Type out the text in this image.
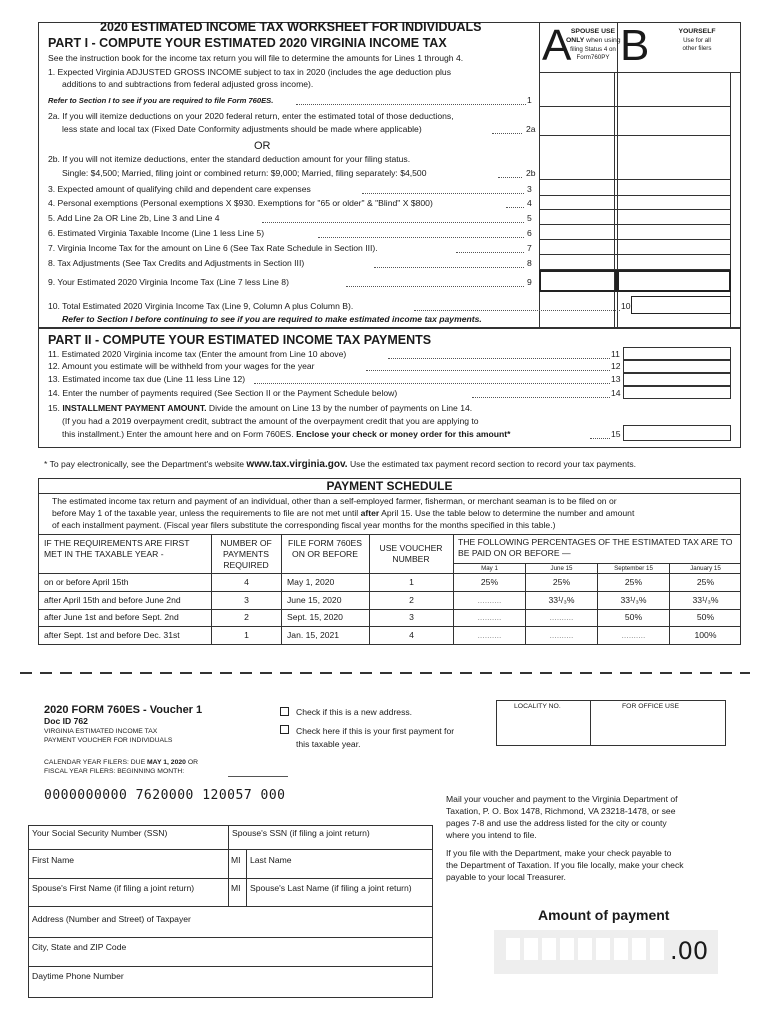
A SPOUSE USE
ONLY when using
filing Status 4 on
Form760PY B	YOURSELF
Use for all
other filers
2020 ESTIMATED INCOME TAX WORKSHEET FOR INDIVIDUALS
PART I - COMPUTE YOUR ESTIMATED 2020 VIRGINIA INCOME TAX
See the instruction book for the income tax return you will file to determine the amounts for Lines 1 through 4.
1. Expected Virginia ADJUSTED GROSS INCOME subject to tax in 2020 (includes the age deduction plus
additions to and subtractions from federal adjusted gross income).
Refer to Section I to see if you are required to file Form 760ES.	1
2a. If you will itemize deductions on your 2020 federal return, enter the estimated total of those deductions,
less state and local tax (Fixed Date Conformity adjustments should be made where applicable)	2a
OR
2b. If you will not itemize deductions, enter the standard deduction amount for your filing status.
Single: $4,500; Married, filing joint or combined return: $9,000; Married, filing separately: $4,500	2b
3. Expected amount of qualifying child and dependent care expenses	3
4. Personal exemptions (Personal exemptions X $930. Exemptions for "65 or older" & "Blind" X $800)	4
5. Add Line 2a OR Line 2b, Line 3 and Line 4	5
6. Estimated Virginia Taxable Income (Line 1 less Line 5)	6
7. Virginia Income Tax for the amount on Line 6 (See Tax Rate Schedule in Section III).	7
8. Tax Adjustments (See Tax Credits and Adjustments in Section III)	8
9. Your Estimated 2020 Virginia Income Tax (Line 7 less Line 8)	9
10. Total Estimated 2020 Virginia Income Tax (Line 9, Column A plus Column B).	10
Refer to Section I before continuing to see if you are required to make estimated income tax payments.
PART II - COMPUTE YOUR ESTIMATED INCOME TAX PAYMENTS
11. Estimated 2020 Virginia income tax (Enter the amount from Line 10 above)	11
12. Amount you estimate will be withheld from your wages for the year	12
13. Estimated income tax due (Line 11 less Line 12)	13
14. Enter the number of payments required (See Section II or the Payment Schedule below)	14
15. INSTALLMENT PAYMENT AMOUNT. Divide the amount on Line 13 by the number of payments on Line 14.
(If you had a 2019 overpayment credit, subtract the amount of the overpayment credit that you are applying to
this installment.) Enter the amount here and on Form 760ES. Enclose your check or money order for this amount*	15
* To pay electronically, see the Department's website www.tax.virginia.gov. Use the estimated tax payment record section to record your tax payments.
PAYMENT SCHEDULE
The estimated income tax return and payment of an individual, other than a self-employed farmer, fisherman, or merchant seaman is to be filed on or
before May 1 of the taxable year, unless the requirements to file are not met until after April 15. Use the table below to determine the number and amount
of each installment payment. (Fiscal year filers substitute the corresponding fiscal year months for the months specified in this table.)
IF THE REQUIREMENTS ARE FIRST MET IN THE TAXABLE YEAR -
NUMBER OF PAYMENTS REQUIRED
FILE FORM 760ES ON OR BEFORE
USE VOUCHER NUMBER
THE FOLLOWING PERCENTAGES OF THE ESTIMATED TAX ARE TO BE PAID ON OR BEFORE —
May 1	June 15	September 15	January 15
on or before April 15th	4	May 1, 2020	1	25%	25%	25%	25%
after April 15th and before June 2nd	3	June 15, 2020	2	..........	33¹/₃%	33¹/₃%	33¹/₃%
after June 1st and before Sept. 2nd	2	Sept. 15, 2020	3	..........	..........	50%	50%
after Sept. 1st and before Dec. 31st	1	Jan. 15, 2021	4	..........	..........	..........	100%
2020 FORM 760ES - Voucher 1
Doc ID 762
VIRGINIA ESTIMATED INCOME TAX
PAYMENT VOUCHER FOR INDIVIDUALS
Check if this is a new address.
Check here if this is your first payment for
this taxable year.
LOCALITY NO.	FOR OFFICE USE
CALENDAR YEAR FILERS: DUE MAY 1, 2020 OR
FISCAL YEAR FILERS: BEGINNING MONTH:
0000000000 7620000 120057 000
Your Social Security Number (SSN)	Spouse's SSN (if filing a joint return)
First Name	MI Last Name
Spouse's First Name (if filing a joint return)	MI Spouse's Last Name (if filing a joint return)
Address (Number and Street) of Taxpayer
City, State and ZIP Code
Daytime Phone Number
Mail your voucher and payment to the Virginia Department of
Taxation, P. O. Box 1478, Richmond, VA 23218-1478, or see
pages 7-8 and use the address listed for the city or county
where you intend to file.
If you file with the Department, make your check payable to
the Department of Taxation. If you file locally, make your check
payable to your local Treasurer.
Amount of payment
.00
